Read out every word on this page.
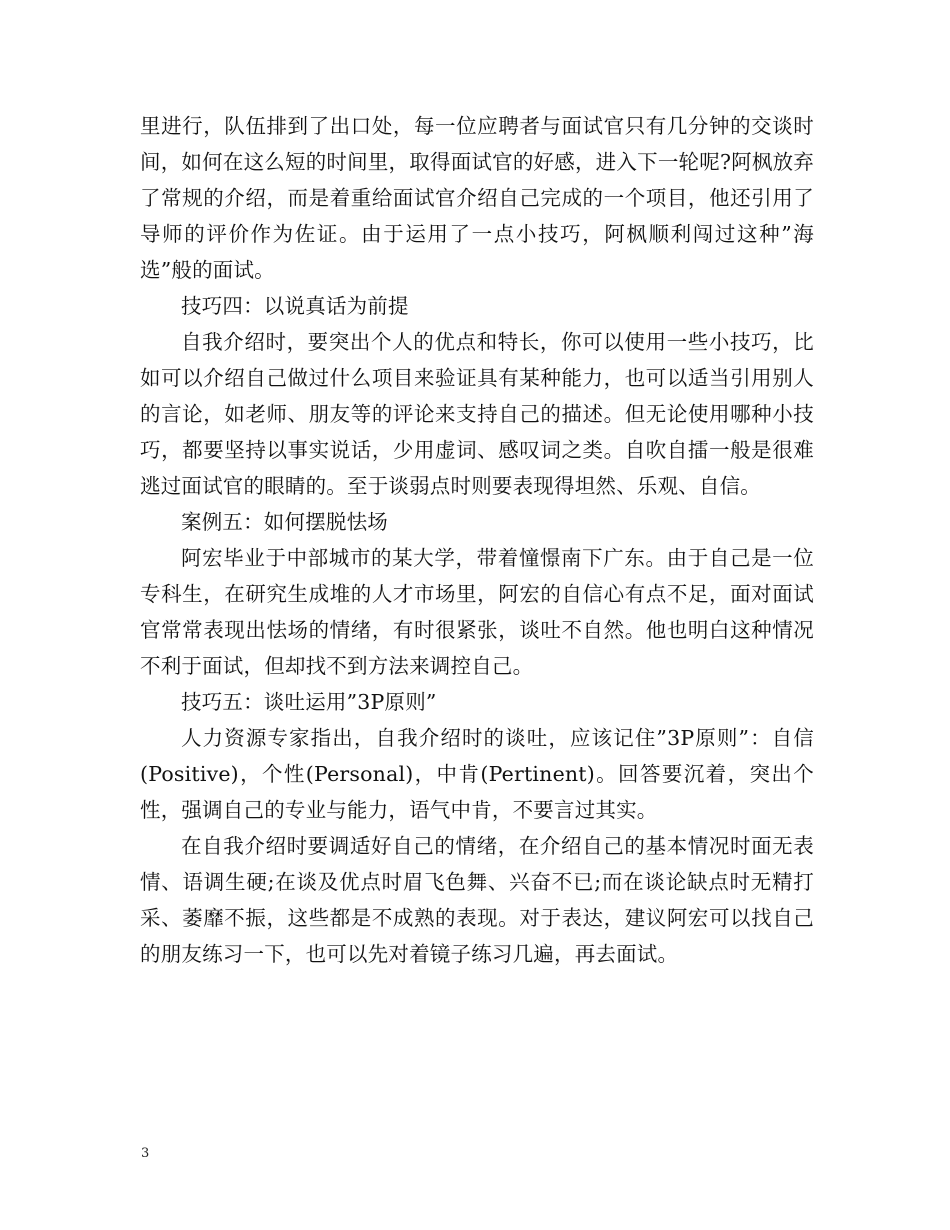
里进行，队伍排到了出口处，每一位应聘者与面试官只有几分钟的交谈时间，如何在这么短的时间里，取得面试官的好感，进入下一轮呢?阿枫放弃了常规的介绍，而是着重给面试官介绍自己完成的一个项目，他还引用了导师的评价作为佐证。由于运用了一点小技巧，阿枫顺利闯过这种”海选”般的面试。

技巧四：以说真话为前提

自我介绍时，要突出个人的优点和特长，你可以使用一些小技巧，比如可以介绍自己做过什么项目来验证具有某种能力，也可以适当引用别人的言论，如老师、朋友等的评论来支持自己的描述。但无论使用哪种小技巧，都要坚持以事实说话，少用虚词、感叹词之类。自吹自擂一般是很难逃过面试官的眼睛的。至于谈弱点时则要表现得坦然、乐观、自信。

案例五：如何摆脱怯场

阿宏毕业于中部城市的某大学，带着憧憬南下广东。由于自己是一位专科生，在研究生成堆的人才市场里，阿宏的自信心有点不足，面对面试官常常表现出怯场的情绪，有时很紧张，谈吐不自然。他也明白这种情况不利于面试，但却找不到方法来调控自己。

技巧五：谈吐运用”3P原则”

人力资源专家指出，自我介绍时的谈吐，应该记住”3P原则”：自信(Positive)，个性(Personal)，中肯(Pertinent)。回答要沉着，突出个性，强调自己的专业与能力，语气中肯，不要言过其实。

在自我介绍时要调适好自己的情绪，在介绍自己的基本情况时面无表情、语调生硬;在谈及优点时眉飞色舞、兴奋不已;而在谈论缺点时无精打采、萎靡不振，这些都是不成熟的表现。对于表达，建议阿宏可以找自己的朋友练习一下，也可以先对着镜子练习几遍，再去面试。

3
